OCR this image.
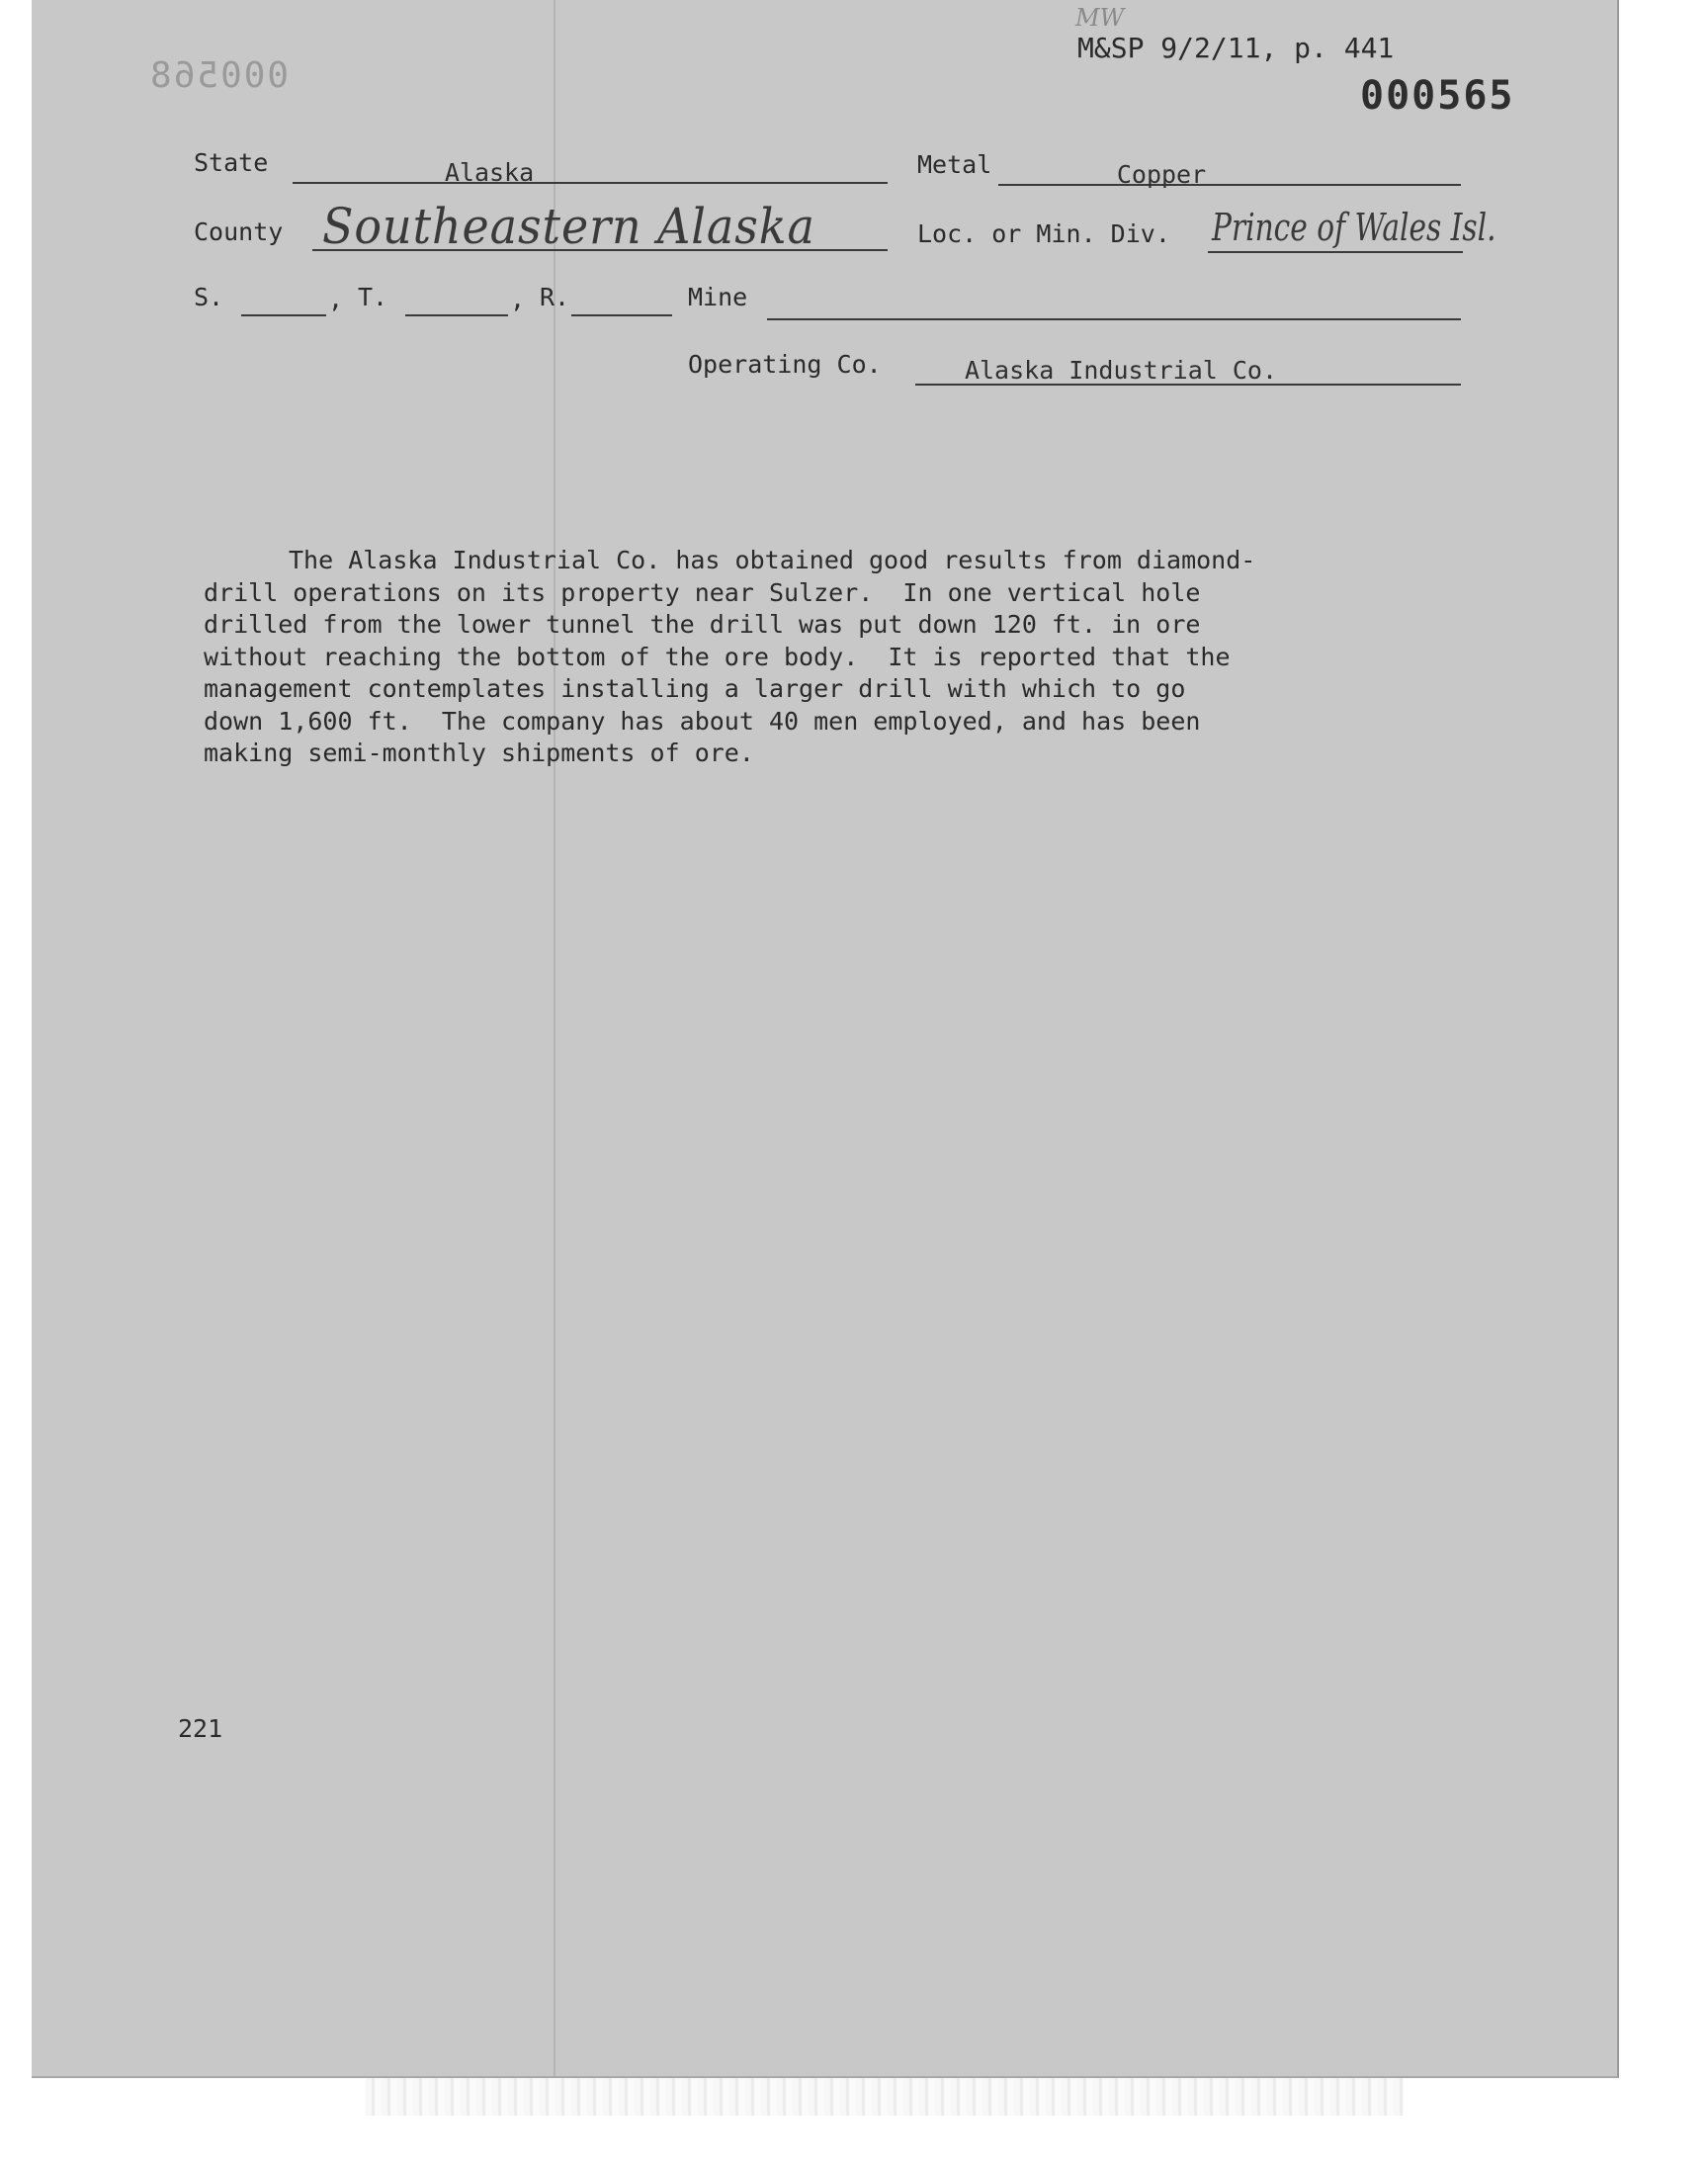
MW
M&SP 9/2/11, p. 441
000565
000568
State	Alaska	Metal	Copper
County Southeastern Alaska	Loc. or Min. Div. Prince of Wales Isl.
S.	, T.	, R.	Mine
Operating Co.	Alaska Industrial Co.

The Alaska Industrial Co. has obtained good results from diamond-

drill operations on its property near Sulzer.  In one vertical hole

drilled from the lower tunnel the drill was put down 120 ft. in ore

without reaching the bottom of the ore body.  It is reported that the

management contemplates installing a larger drill with which to go

down 1,600 ft.  The company has about 40 men employed, and has been

making semi-monthly shipments of ore.

221
